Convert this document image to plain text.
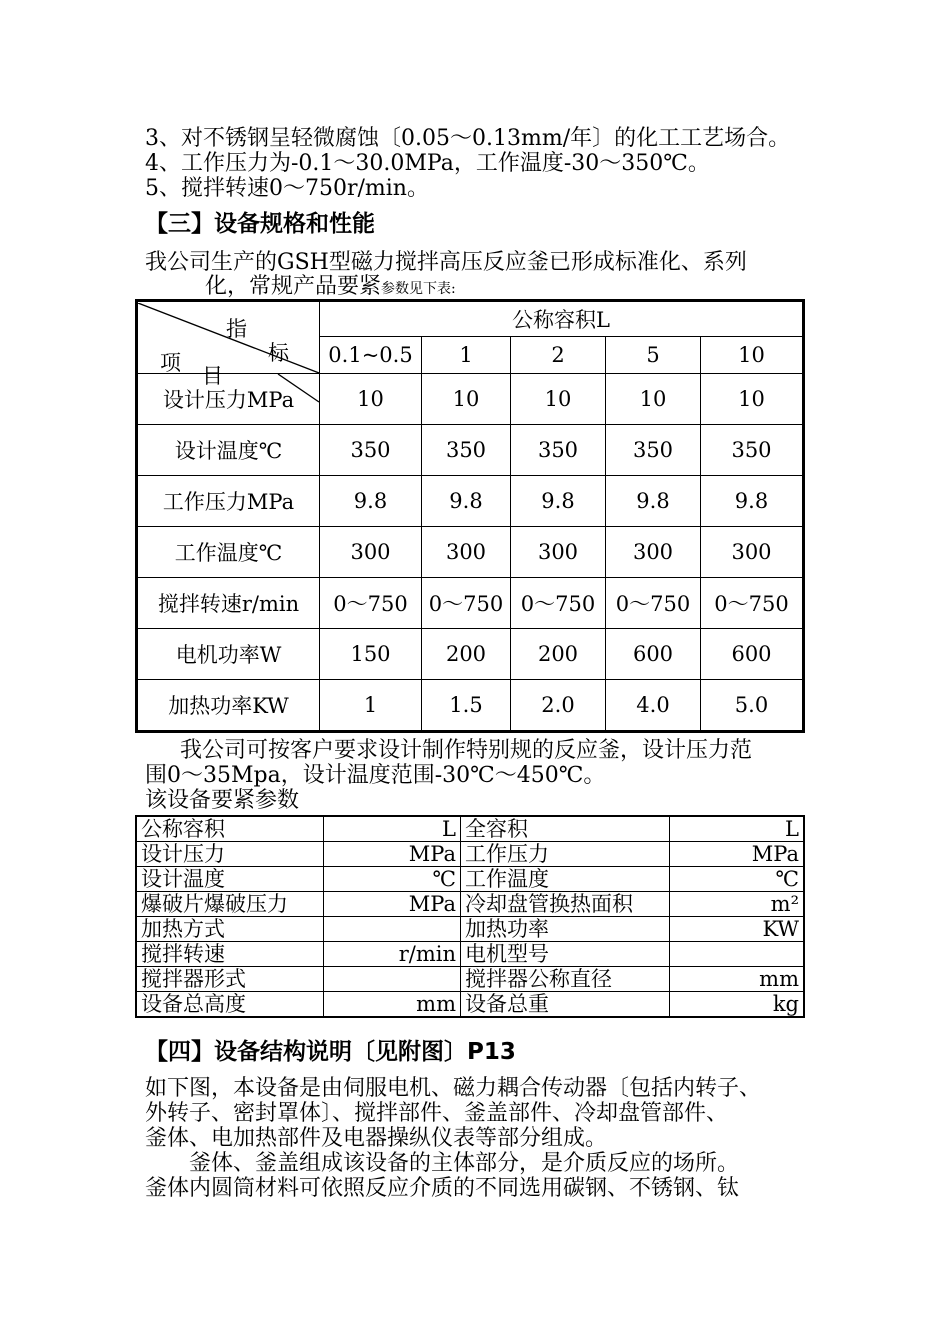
3、对不锈钢呈轻微腐蚀〔0.05～0.13mm/年〕的化工工艺场合。
4、工作压力为-0.1～30.0MPa，工作温度-30～350℃。
5、搅拌转速0～750r/min。
【三】设备规格和性能
我公司生产的GSH型磁力搅拌高压反应釜已形成标准化、系列
化，常规产品要紧参数见下表:
指
标
项	公称容积L				
	0.1~0.5	1	2	5	10

目
设计压力MPa	10	10	10	10	10
设计温度℃	350	350	350	350	350
工作压力MPa	9.8	9.8	9.8	9.8	9.8
工作温度℃	300	300	300	300	300
搅拌转速r/min	0～750	0～750	0～750	0～750	0～750
电机功率W	150	200	200	600	600
加热功率KW	1	1.5	2.0	4.0	5.0
我公司可按客户要求设计制作特别规的反应釜，设计压力范
围0～35Mpa，设计温度范围-30℃～450℃。
该设备要紧参数
公称容积	L	全容积	L
设计压力	MPa	工作压力	MPa
设计温度	℃	工作温度	℃
爆破片爆破压力	MPa	冷却盘管换热面积	m²
加热方式		加热功率	KW
搅拌转速	r/min	电机型号	
搅拌器形式		搅拌器公称直径	mm
设备总高度	mm	设备总重	kg
【四】设备结构说明〔见附图〕P13
如下图，本设备是由伺服电机、磁力耦合传动器〔包括内转子、
外转子、密封罩体〕、搅拌部件、釜盖部件、冷却盘管部件、
釜体、电加热部件及电器操纵仪表等部分组成。
　　釜体、釜盖组成该设备的主体部分，是介质反应的场所。
釜体内圆筒材料可依照反应介质的不同选用碳钢、不锈钢、钛
